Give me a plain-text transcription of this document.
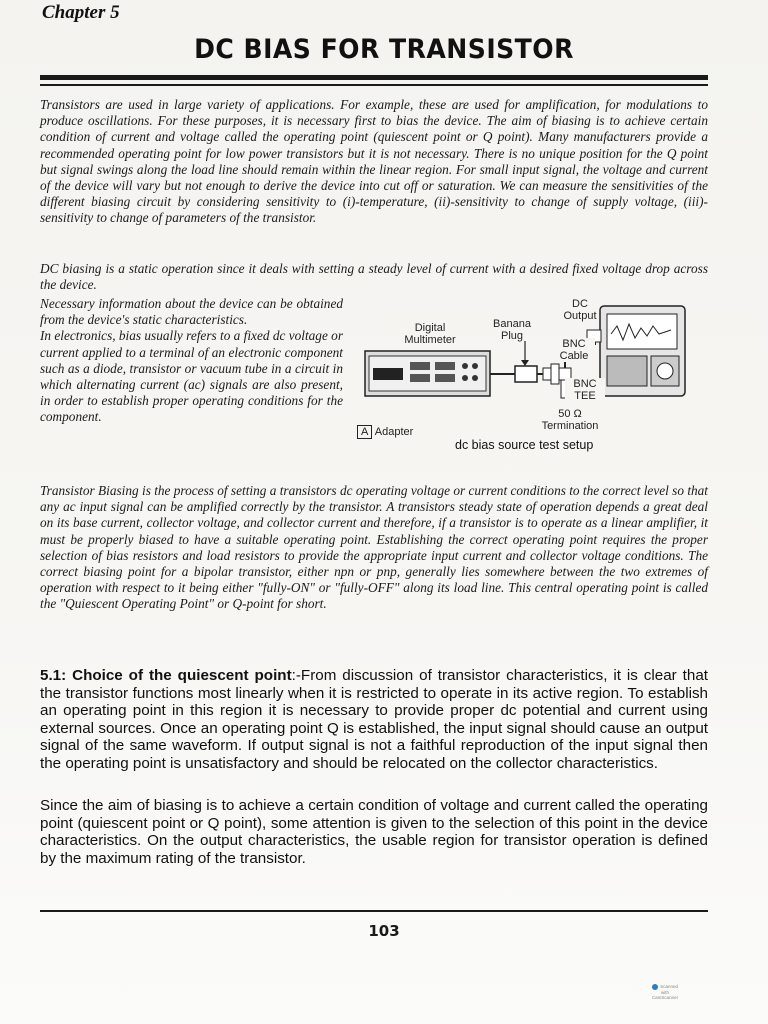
Chapter 5
DC BIAS FOR TRANSISTOR
Transistors are used in large variety of applications. For example, these are used for amplification, for modulations to produce oscillations. For these purposes, it is necessary first to bias the device. The aim of biasing is to achieve certain condition of current and voltage called the operating point (quiescent point or Q point). Many manufacturers provide a recommended operating point for low power transistors but it is not necessary. There is no unique position for the Q point but signal swings along the load line should remain within the linear region. For small input signal, the voltage and current of the device will vary but not enough to derive the device into cut off or saturation. We can measure the sensitivities of the different biasing circuit by considering sensitivity to (i)-temperature, (ii)-sensitivity to change of supply voltage, (iii)-sensitivity to change of parameters of the transistor.
DC biasing is a static operation since it deals with setting a steady level of current with a desired fixed voltage drop across the device.
Necessary information about the device can be obtained from the device's static characteristics.
In electronics, bias usually refers to a fixed dc voltage or current applied to a terminal of an electronic component such as a diode, transistor or vacuum tube in a circuit in which alternating current (ac) signals are also present, in order to establish proper operating conditions for the component.
Digital Multimeter
Banana Plug
DC Output
BNC Cable
BNC TEE
50 Ω Termination
A Adapter
dc bias source test setup
Transistor Biasing is the process of setting a transistors dc operating voltage or current conditions to the correct level so that any ac input signal can be amplified correctly by the transistor. A transistors steady state of operation depends a great deal on its base current, collector voltage, and collector current and therefore, if a transistor is to operate as a linear amplifier, it must be properly biased to have a suitable operating point. Establishing the correct operating point requires the proper selection of bias resistors and load resistors to provide the appropriate input current and collector voltage conditions. The correct biasing point for a bipolar transistor, either npn or pnp, generally lies somewhere between the two extremes of operation with respect to it being either "fully-ON" or "fully-OFF" along its load line. This central operating point is called the "Quiescent Operating Point" or Q-point for short.
5.1: Choice of the quiescent point:-From discussion of transistor characteristics, it is clear that the transistor functions most linearly when it is restricted to operate in its active region. To establish an operating point in this region it is necessary to provide proper dc potential and current using external sources. Once an operating point Q is established, the input signal should cause an output signal of the same waveform. If output signal is not a faithful reproduction of the input signal then the operating point is unsatisfactory and should be relocated on the collector characteristics.
Since the aim of biasing is to achieve a certain condition of voltage and current called the operating point (quiescent point or Q point), some attention is given to the selection of this point in the device characteristics. On the output characteristics, the usable region for transistor operation is defined by the maximum rating of the transistor.
103
Scanned with CamScanner
